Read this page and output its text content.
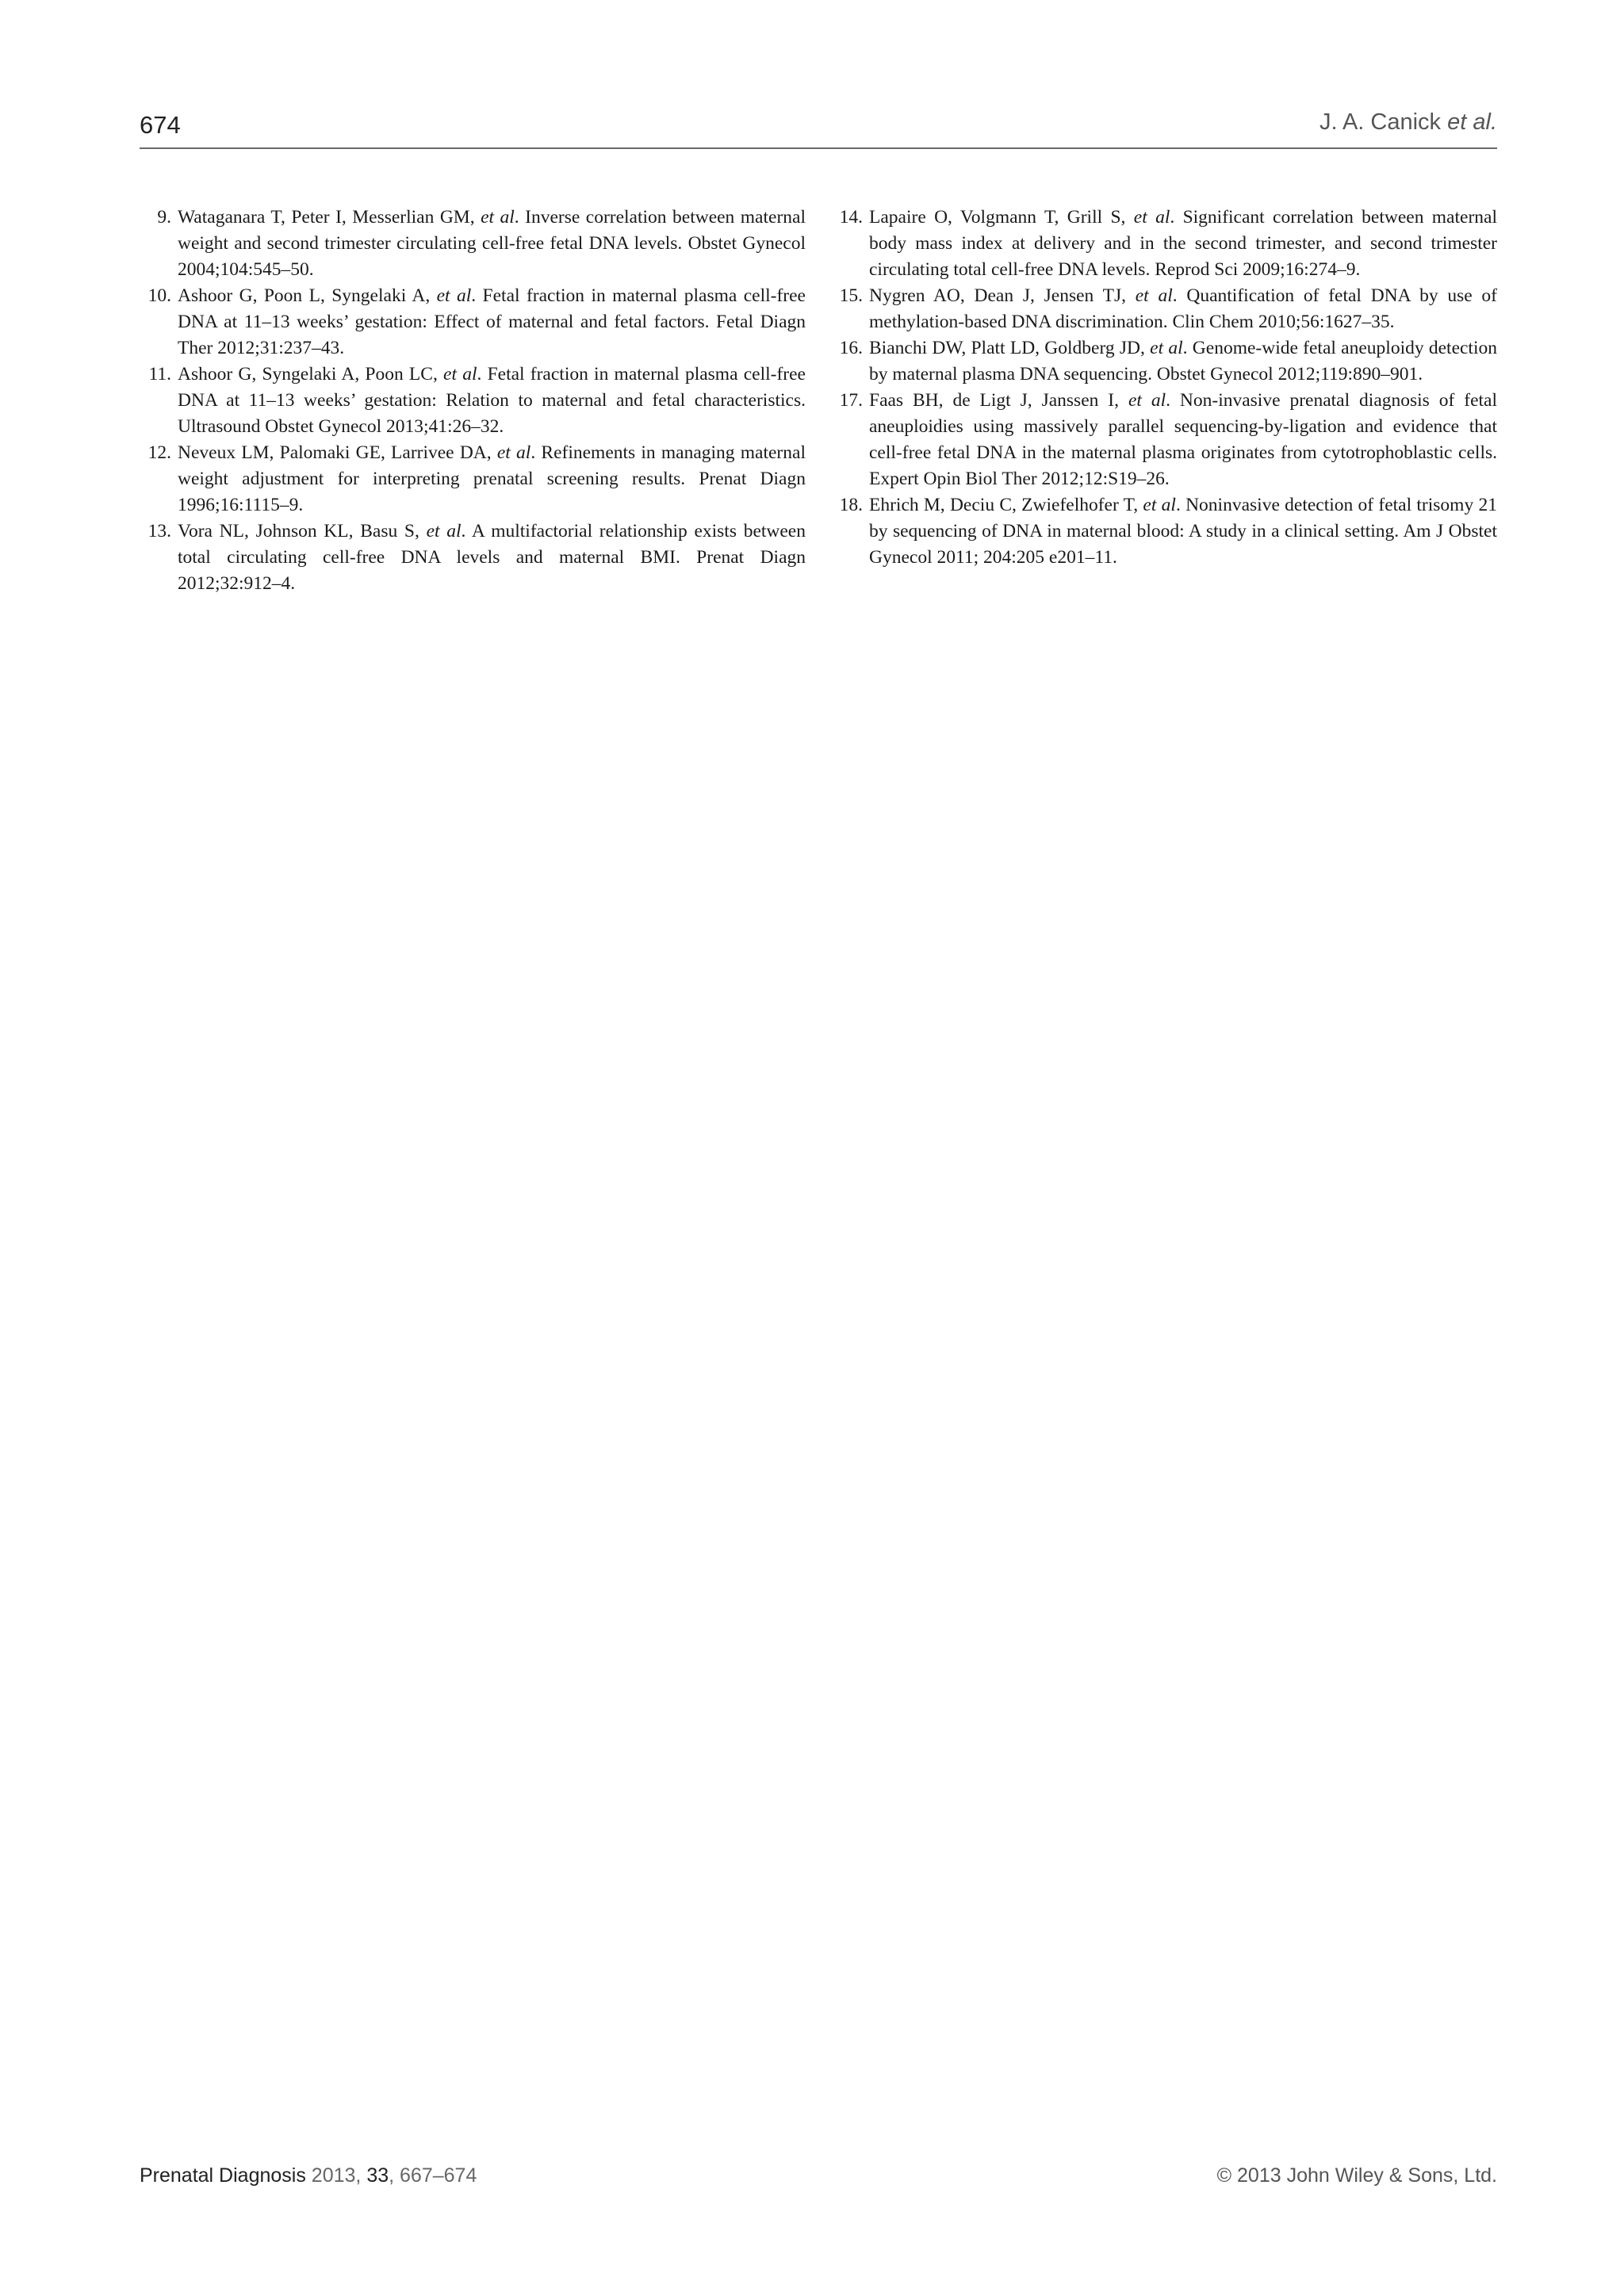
674	J. A. Canick et al.
9. Wataganara T, Peter I, Messerlian GM, et al. Inverse correlation between maternal weight and second trimester circulating cell-free fetal DNA levels. Obstet Gynecol 2004;104:545–50.
10. Ashoor G, Poon L, Syngelaki A, et al. Fetal fraction in maternal plasma cell-free DNA at 11–13 weeks’ gestation: Effect of maternal and fetal factors. Fetal Diagn Ther 2012;31:237–43.
11. Ashoor G, Syngelaki A, Poon LC, et al. Fetal fraction in maternal plasma cell-free DNA at 11–13 weeks’ gestation: Relation to maternal and fetal characteristics. Ultrasound Obstet Gynecol 2013;41:26–32.
12. Neveux LM, Palomaki GE, Larrivee DA, et al. Refinements in managing maternal weight adjustment for interpreting prenatal screening results. Prenat Diagn 1996;16:1115–9.
13. Vora NL, Johnson KL, Basu S, et al. A multifactorial relationship exists between total circulating cell-free DNA levels and maternal BMI. Prenat Diagn 2012;32:912–4.
14. Lapaire O, Volgmann T, Grill S, et al. Significant correlation between maternal body mass index at delivery and in the second trimester, and second trimester circulating total cell-free DNA levels. Reprod Sci 2009;16:274–9.
15. Nygren AO, Dean J, Jensen TJ, et al. Quantification of fetal DNA by use of methylation-based DNA discrimination. Clin Chem 2010;56:1627–35.
16. Bianchi DW, Platt LD, Goldberg JD, et al. Genome-wide fetal aneuploidy detection by maternal plasma DNA sequencing. Obstet Gynecol 2012;119:890–901.
17. Faas BH, de Ligt J, Janssen I, et al. Non-invasive prenatal diagnosis of fetal aneuploidies using massively parallel sequencing-by-ligation and evidence that cell-free fetal DNA in the maternal plasma originates from cytotrophoblastic cells. Expert Opin Biol Ther 2012;12:S19–26.
18. Ehrich M, Deciu C, Zwiefelhofer T, et al. Noninvasive detection of fetal trisomy 21 by sequencing of DNA in maternal blood: A study in a clinical setting. Am J Obstet Gynecol 2011; 204:205 e201–11.
Prenatal Diagnosis 2013, 33, 667–674	© 2013 John Wiley & Sons, Ltd.
